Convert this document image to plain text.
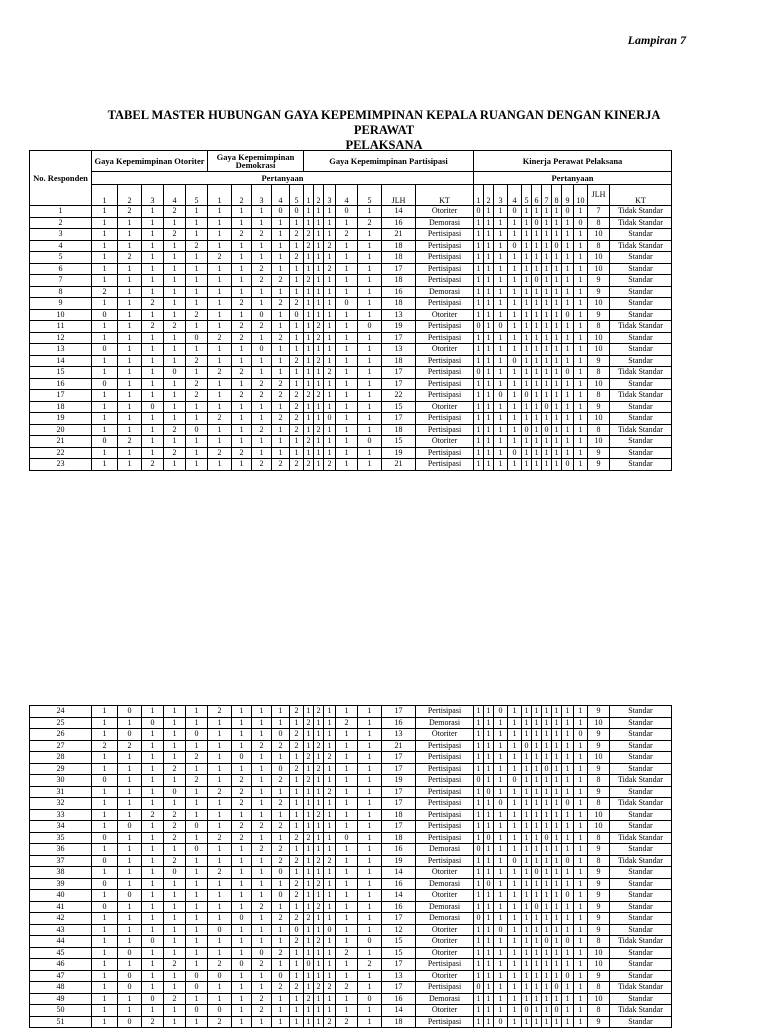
Lampiran 7
TABEL MASTER HUBUNGAN GAYA KEPEMIMPINAN KEPALA RUANGAN DENGAN KINERJA PERAWAT
PELAKSANA
No. Responden	Gaya Kepemimpinan Otoriter					Gaya Kepemimpinan Demokrasi					Gaya Kepemimpinan Partisipasi							Kinerja Perawat Pelaksana											
	Pertanyaan																	Pertanyaan											
	1	2	3	4	5	1	2	3	4	5	1	2	3	4	5	JLH	KT	1	2	3	4	5	6	7	8	9	10	JLH	KT
1	1	2	1	2	1	1	1	1	0	0	1	1	1	0	1	14	Otoriter	0	1	1	0	1	1	1	1	0	1	7	Tidak Standar
2	1	1	1	1	1	1	1	1	1	1	1	1	1	1	2	16	Demorasi	1	1	1	1	1	0	1	1	1	0	8	Tidak Standar
3	1	1	1	2	1	1	2	2	1	2	2	1	1	2	1	21	Pertisipasi	1	1	1	1	1	1	1	1	1	1	10	Standar
4	1	1	1	1	2	1	1	1	1	1	2	1	2	1	1	18	Pertisipasi	1	1	1	0	1	1	1	0	1	1	8	Tidak Standar
5	1	2	1	1	1	2	1	1	1	2	1	1	1	1	1	18	Pertisipasi	1	1	1	1	1	1	1	1	1	1	10	Standar
6	1	1	1	1	1	1	1	2	1	1	1	1	2	1	1	17	Pertisipasi	1	1	1	1	1	1	1	1	1	1	10	Standar
7	1	1	1	1	1	1	1	2	2	1	2	1	1	1	1	18	Pertisipasi	1	1	1	1	1	0	1	1	1	1	9	Standar
8	2	1	1	1	1	1	1	1	1	1	1	1	1	1	1	16	Demorasi	1	1	1	1	1	1	1	1	1	1	9	Standar
9	1	1	2	1	1	1	2	1	2	2	1	1	1	0	1	18	Pertisipasi	1	1	1	1	1	1	1	1	1	1	10	Standar
10	0	1	1	1	2	1	1	0	1	0	1	1	1	1	1	13	Otoriter	1	1	1	1	1	1	1	1	0	1	9	Standar
11	1	1	2	2	1	1	2	2	1	1	1	2	1	1	0	19	Pertisipasi	0	1	0	1	1	1	1	1	1	1	8	Tidak Standar
12	1	1	1	1	0	2	2	1	2	1	1	2	1	1	1	17	Pertisipasi	1	1	1	1	1	1	1	1	1	1	10	Standar
13	0	1	1	1	1	1	1	0	1	1	1	1	1	1	1	13	Otoriter	1	1	1	1	1	1	1	1	1	1	10	Standar
14	1	1	1	1	2	1	1	1	1	2	1	2	1	1	1	18	Pertisipasi	1	1	1	0	1	1	1	1	1	1	9	Standar
15	1	1	1	0	1	2	2	1	1	1	1	1	2	1	1	17	Pertisipasi	0	1	1	1	1	1	1	1	0	1	8	Tidak Standar
16	0	1	1	1	2	1	1	2	2	1	1	1	1	1	1	17	Pertisipasi	1	1	1	1	1	1	1	1	1	1	10	Standar
17	1	1	1	1	2	1	2	2	2	2	2	2	1	1	1	22	Pertisipasi	1	1	0	1	0	1	1	1	1	1	8	Tidak Standar
18	1	1	0	1	1	1	1	1	1	2	1	1	1	1	1	15	Otoriter	1	1	1	1	1	1	0	1	1	1	9	Standar
19	1	1	1	1	1	2	1	1	2	2	1	1	0	1	1	17	Pertisipasi	1	1	1	1	1	1	1	1	1	1	10	Standar
20	1	1	1	2	0	1	1	2	1	2	1	2	1	1	1	18	Pertisipasi	1	1	1	1	0	1	0	1	1	1	8	Tidak Standar
21	0	2	1	1	1	1	1	1	1	1	2	1	1	1	0	15	Otoriter	1	1	1	1	1	1	1	1	1	1	10	Standar
22	1	1	1	2	1	2	2	1	1	1	1	1	1	1	1	19	Pertisipasi	1	1	1	0	1	1	1	1	1	1	9	Standar
23	1	1	2	1	1	1	1	2	2	2	2	1	2	1	1	21	Pertisipasi	1	1	1	1	1	1	1	1	0	1	9	Standar
24	1	0	1	1	1	2	1	1	1	2	1	2	1	1	1	17	Pertisipasi	1	1	0	1	1	1	1	1	1	1	9	Standar
25	1	1	0	1	1	1	1	1	1	1	2	1	1	2	1	16	Demorasi	1	1	1	1	1	1	1	1	1	1	10	Standar
26	1	0	1	1	0	1	1	1	0	2	1	1	1	1	1	13	Otoriter	1	1	1	1	1	1	1	1	1	0	9	Standar
27	2	2	1	1	1	1	1	2	2	2	1	2	1	1	1	21	Pertisipasi	1	1	1	1	0	1	1	1	1	1	9	Standar
28	1	1	1	1	2	1	0	1	1	1	2	1	2	1	1	17	Pertisipasi	1	1	1	1	1	1	1	1	1	1	10	Standar
29	1	1	1	2	1	1	1	1	0	2	1	2	1	1	1	17	Pertisipasi	1	1	1	1	1	1	0	1	1	1	9	Standar
30	0	1	1	1	2	1	2	1	2	1	2	1	1	1	1	19	Pertisipasi	0	1	1	0	1	1	1	1	1	1	8	Tidak Standar
31	1	1	1	0	1	2	2	1	1	1	1	1	2	1	1	17	Pertisipasi	1	0	1	1	1	1	1	1	1	1	9	Standar
32	1	1	1	1	1	1	2	1	2	1	1	1	1	1	1	17	Pertisipasi	1	1	0	1	1	1	1	1	0	1	8	Tidak Standar
33	1	1	2	2	1	1	1	1	1	1	1	2	1	1	1	18	Pertisipasi	1	1	1	1	1	1	1	1	1	1	10	Standar
34	1	0	1	2	0	1	2	2	2	1	1	1	1	1	1	17	Pertisipasi	1	1	1	1	1	1	1	1	1	1	10	Standar
35	0	1	1	2	1	2	2	1	1	2	2	1	1	0	1	18	Pertisipasi	1	0	1	1	1	1	0	1	1	1	8	Tidak Standar
36	1	1	1	1	0	1	1	2	2	1	1	1	1	1	1	16	Demorasi	0	1	1	1	1	1	1	1	1	1	9	Standar
37	0	1	1	2	1	1	1	1	2	2	1	2	2	1	1	19	Pertisipasi	1	1	1	0	1	1	1	1	0	1	8	Tidak Standar
38	1	1	1	0	1	2	1	1	0	1	1	1	1	1	1	14	Otoriter	1	1	1	1	1	0	1	1	1	1	9	Standar
39	0	1	1	1	1	1	1	1	1	2	1	2	1	1	1	16	Demorasi	1	0	1	1	1	1	1	1	1	1	9	Standar
40	1	0	1	1	1	1	1	1	0	2	1	1	1	1	1	14	Otoriter	1	1	1	1	1	1	1	1	0	1	9	Standar
41	0	1	1	1	1	1	1	2	1	1	1	2	1	1	1	16	Demorasi	1	1	1	1	1	0	1	1	1	1	9	Standar
42	1	1	1	1	1	1	0	1	2	2	2	1	1	1	1	17	Demorasi	0	1	1	1	1	1	1	1	1	1	9	Standar
43	1	1	1	1	1	0	1	1	1	0	1	1	0	1	1	12	Otoriter	1	1	0	1	1	1	1	1	1	1	9	Standar
44	1	1	0	1	1	1	1	1	1	2	1	2	1	1	0	15	Otoriter	1	1	1	1	1	1	0	1	0	1	8	Tidak Standar
45	1	0	1	1	1	1	1	0	2	1	1	1	1	2	1	15	Otoriter	1	1	1	1	1	1	1	1	1	1	10	Standar
46	1	1	1	2	1	2	0	2	1	1	0	1	1	1	2	17	Pertisipasi	1	1	1	1	1	1	1	1	1	1	10	Standar
47	1	0	1	1	0	0	1	1	0	1	1	1	1	1	1	13	Otoriter	1	1	1	1	1	1	1	1	0	1	9	Standar
48	1	0	1	1	0	1	1	1	2	2	1	2	2	2	1	17	Pertisipasi	0	1	1	1	1	1	1	0	1	1	8	Tidak Standar
49	1	1	0	2	1	1	1	2	1	1	2	1	1	1	0	16	Demorasi	1	1	1	1	1	1	1	1	1	1	10	Standar
50	1	1	1	1	0	0	1	2	1	1	1	1	1	1	1	14	Otoriter	1	1	1	1	0	1	1	0	1	1	8	Tidak Standar
51	1	0	2	1	1	2	1	1	1	1	1	1	2	2	1	18	Pertisipasi	1	1	0	1	1	1	1	1	1	1	9	Standar
